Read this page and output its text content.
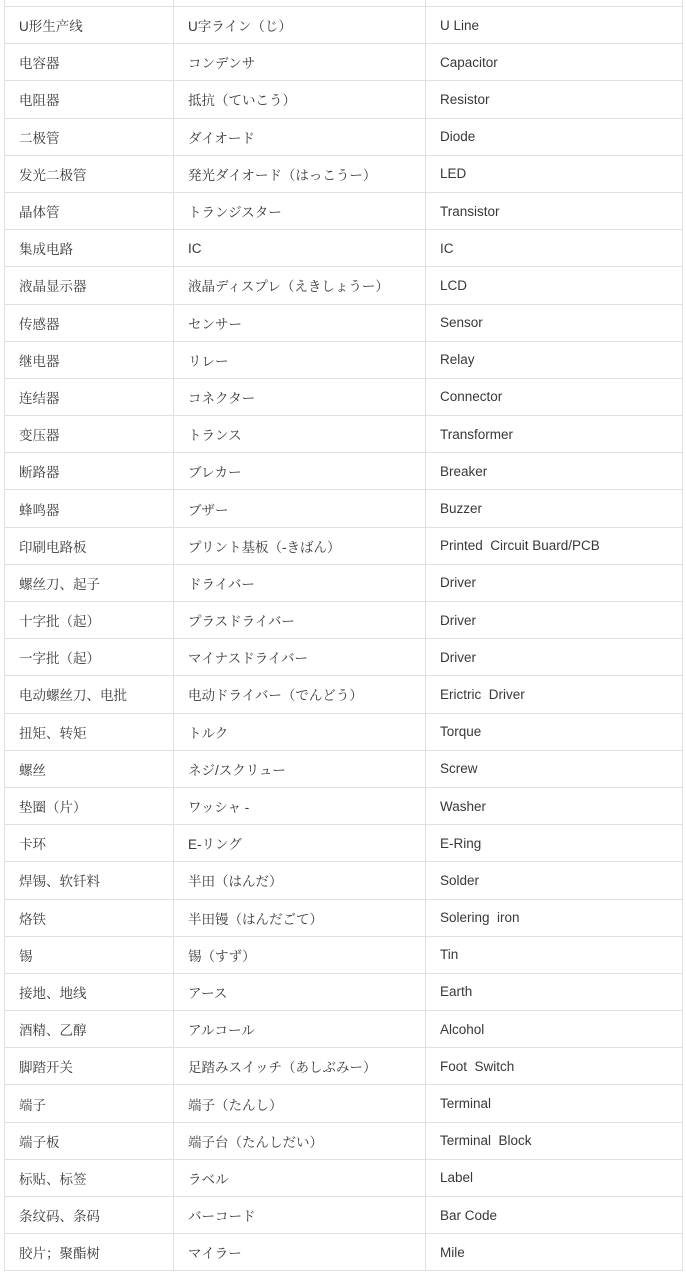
U形生产线	U字ライン（じ）	U Line
电容器	コンデンサ	Capacitor
电阻器	抵抗（ていこう）	Resistor
二极管	ダイオード	Diode
发光二极管	発光ダイオード（はっこうー）	LED
晶体管	トランジスター	Transistor
集成电路	IC	IC
液晶显示器	液晶ディスプレ（えきしょうー）	LCD
传感器	センサー	Sensor
继电器	リレー	Relay
连结器	コネクター	Connector
变压器	トランス	Transformer
断路器	ブレカー	Breaker
蜂鸣器	ブザー	Buzzer
印刷电路板	プリント基板（‐きばん）	Printed  Circuit Buard/PCB
螺丝刀、起子	ドライバー	Driver
十字批（起）	プラスドライバー	Driver
一字批（起）	マイナスドライバー	Driver
电动螺丝刀、电批	电动ドライバー（でんどう）	Erictric  Driver
扭矩、转矩	トルク	Torque
螺丝	ネジ/スクリュー	Screw
垫圈（片）	ワッシャ -	Washer
卡环	E-リング	E-Ring
焊锡、软钎料	半田（はんだ）	Solder
烙铁	半田镘（はんだごて）	Solering  iron
锡	锡（すず）	Tin
接地、地线	アース	Earth
酒精、乙醇	アルコール	Alcohol
脚踏开关	足踏みスイッチ（あしぶみー）	Foot  Switch
端子	端子（たんし）	Terminal
端子板	端子台（たんしだい）	Terminal  Block
标贴、标签	ラベル	Label
条纹码、条码	バーコード	Bar Code
胶片；聚酯树	マイラー	Mile
